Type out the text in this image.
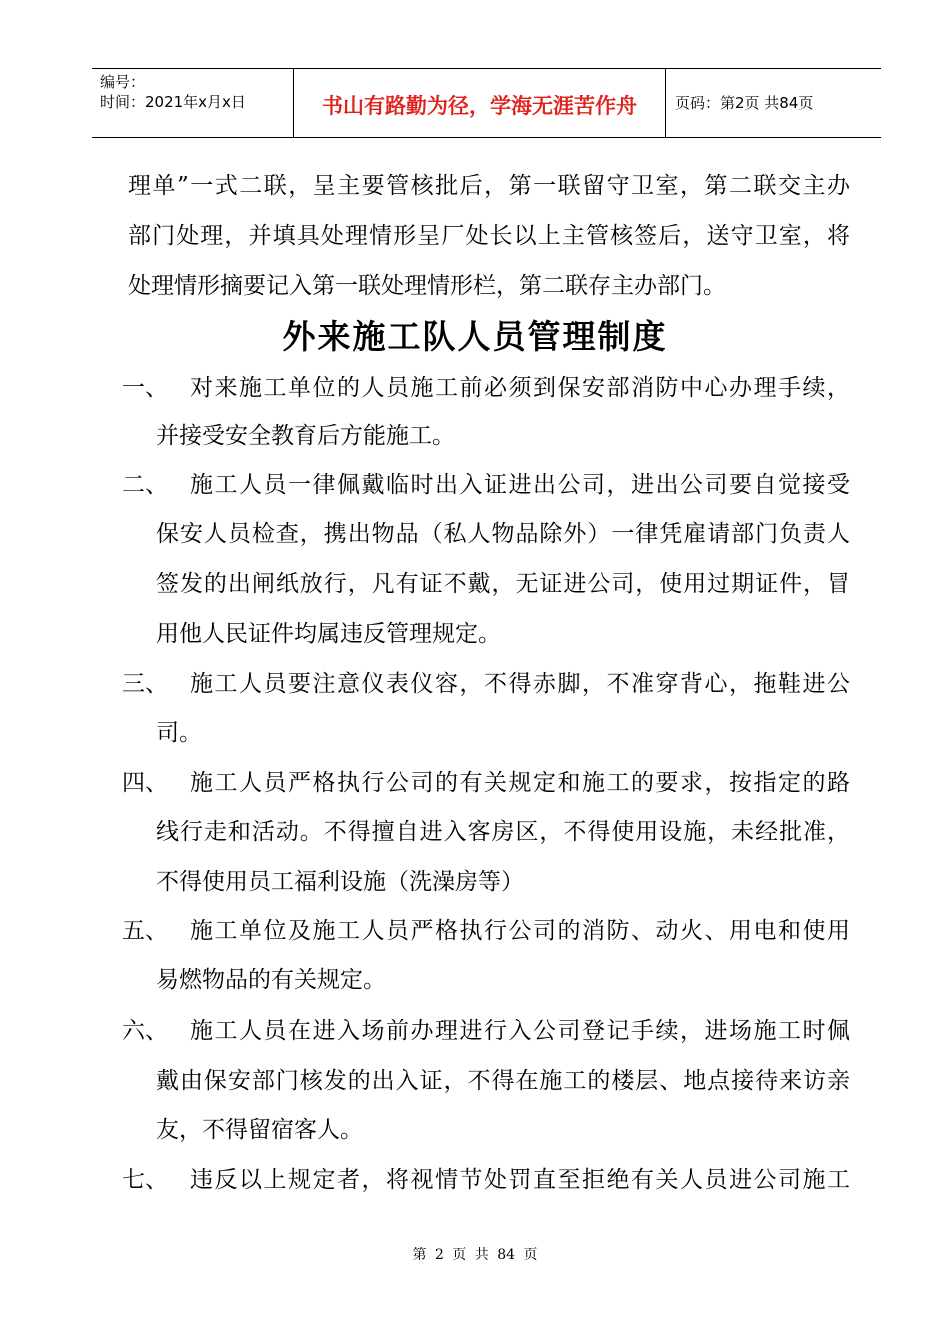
编号：
时间：2021年x月x日	书山有路勤为径，学海无涯苦作舟	页码：第2页 共84页
理单”一式二联，呈主要管核批后，第一联留守卫室，第二联交主办
部门处理，并填具处理情形呈厂处长以上主管核签后，送守卫室，将
处理情形摘要记入第一联处理情形栏，第二联存主办部门。
外来施工队人员管理制度
一、 对来施工单位的人员施工前必须到保安部消防中心办理手续，
并接受安全教育后方能施工。
二、 施工人员一律佩戴临时出入证进出公司，进出公司要自觉接受
保安人员检查，携出物品（私人物品除外）一律凭雇请部门负责人
签发的出闸纸放行，凡有证不戴，无证进公司，使用过期证件，冒
用他人民证件均属违反管理规定。
三、 施工人员要注意仪表仪容，不得赤脚，不准穿背心，拖鞋进公
司。
四、 施工人员严格执行公司的有关规定和施工的要求，按指定的路
线行走和活动。不得擅自进入客房区，不得使用设施，未经批准，
不得使用员工福利设施（洗澡房等）
五、 施工单位及施工人员严格执行公司的消防、动火、用电和使用
易燃物品的有关规定。
六、 施工人员在进入场前办理进行入公司登记手续，进场施工时佩
戴由保安部门核发的出入证，不得在施工的楼层、地点接待来访亲
友，不得留宿客人。
七、 违反以上规定者，将视情节处罚直至拒绝有关人员进公司施工
第 2 页 共 84 页
